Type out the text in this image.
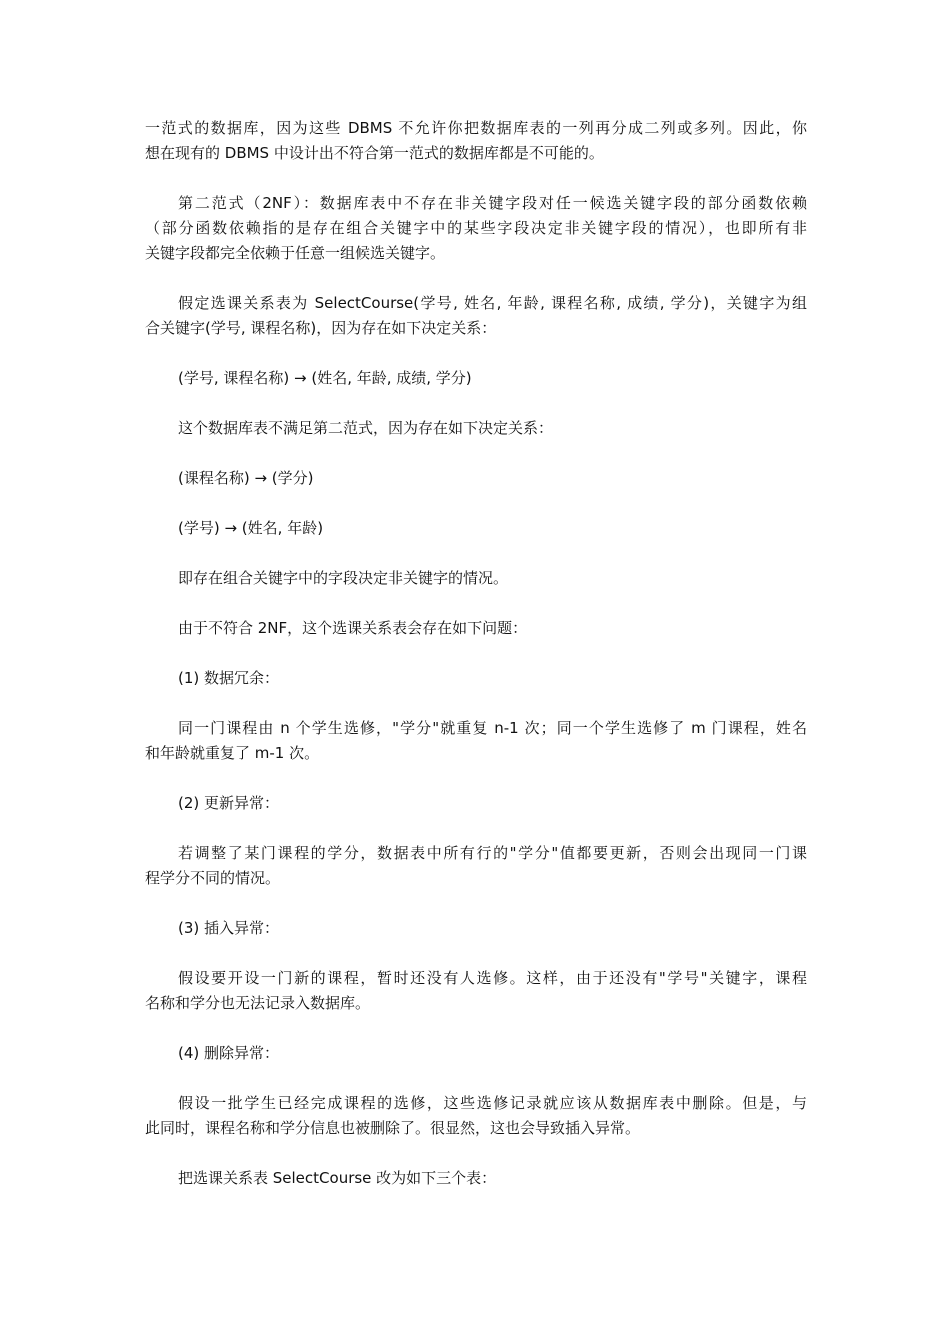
一范式的数据库，因为这些 DBMS 不允许你把数据库表的一列再分成二列或多列。因此，你
想在现有的 DBMS 中设计出不符合第一范式的数据库都是不可能的。
第二范式（2NF）：数据库表中不存在非关键字段对任一候选关键字段的部分函数依赖
（部分函数依赖指的是存在组合关键字中的某些字段决定非关键字段的情况），也即所有非
关键字段都完全依赖于任意一组候选关键字。
假定选课关系表为 SelectCourse(学号, 姓名, 年龄, 课程名称, 成绩, 学分)，关键字为组
合关键字(学号, 课程名称)，因为存在如下决定关系：
(学号, 课程名称) → (姓名, 年龄, 成绩, 学分)
这个数据库表不满足第二范式，因为存在如下决定关系：
(课程名称) → (学分)
(学号) → (姓名, 年龄)
即存在组合关键字中的字段决定非关键字的情况。
由于不符合 2NF，这个选课关系表会存在如下问题：
(1) 数据冗余：
同一门课程由 n 个学生选修，"学分"就重复 n-1 次；同一个学生选修了 m 门课程，姓名
和年龄就重复了 m-1 次。
(2) 更新异常：
若调整了某门课程的学分，数据表中所有行的"学分"值都要更新，否则会出现同一门课
程学分不同的情况。
(3) 插入异常：
假设要开设一门新的课程，暂时还没有人选修。这样，由于还没有"学号"关键字，课程
名称和学分也无法记录入数据库。
(4) 删除异常：
假设一批学生已经完成课程的选修，这些选修记录就应该从数据库表中删除。但是，与
此同时，课程名称和学分信息也被删除了。很显然，这也会导致插入异常。
把选课关系表 SelectCourse 改为如下三个表：
